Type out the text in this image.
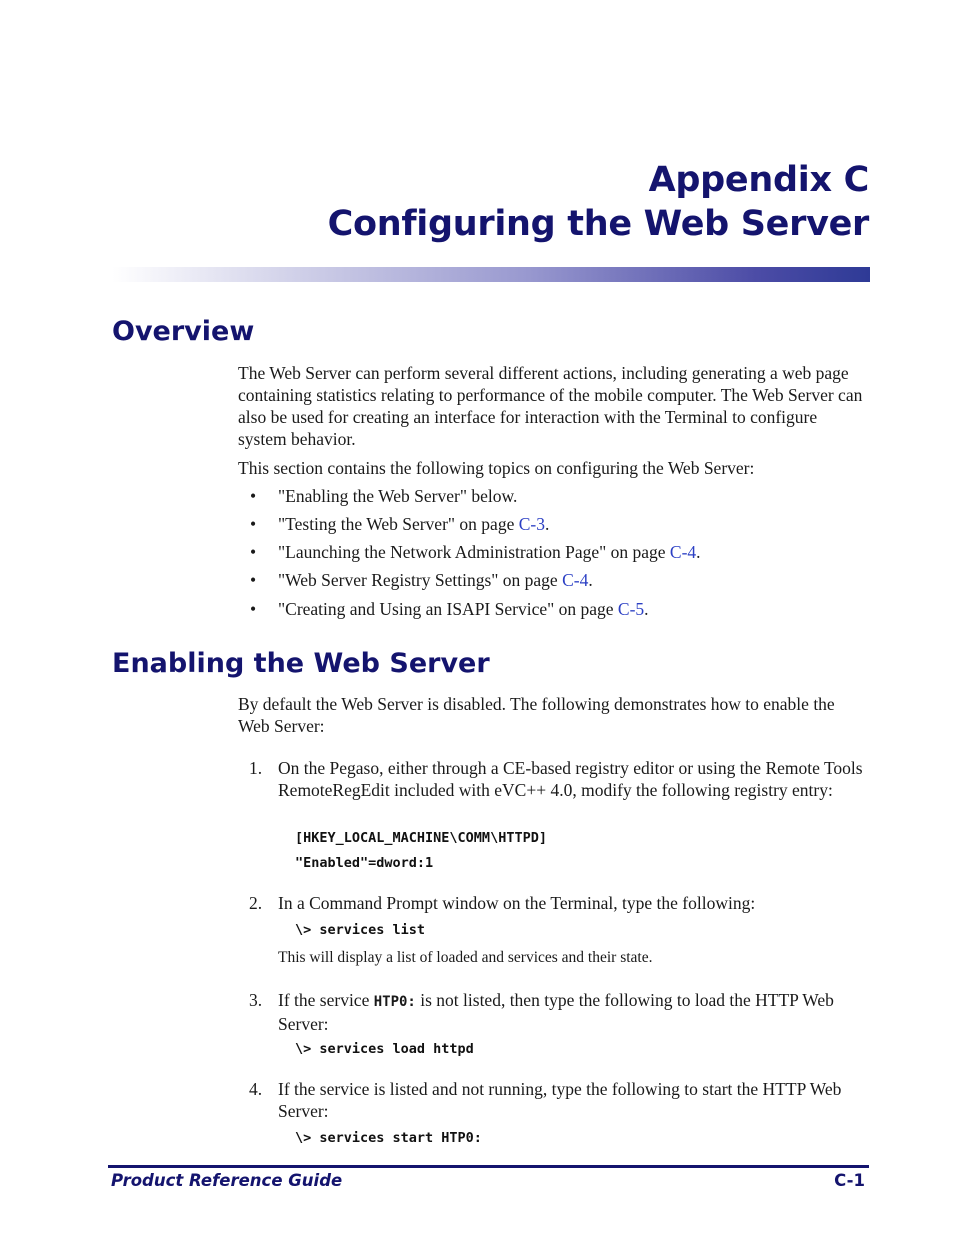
Appendix C
Configuring the Web Server
Overview

The Web Server can perform several different actions, including generating a web page containing statistics relating to performance of the mobile computer. The Web Server can also be used for creating an interface for interaction with the Terminal to configure system behavior.

This section contains the following topics on configuring the Web Server:

• "Enabling the Web Server" below.
• "Testing the Web Server" on page C-3.
• "Launching the Network Administration Page" on page C-4.
• "Web Server Registry Settings" on page C-4.
• "Creating and Using an ISAPI Service" on page C-5.
Enabling the Web Server

By default the Web Server is disabled. The following demonstrates how to enable the Web Server:

1. On the Pegaso, either through a CE-based registry editor or using the Remote Tools RemoteRegEdit included with eVC++ 4.0, modify the following registry entry:

[HKEY_LOCAL_MACHINE\COMM\HTTPD]
"Enabled"=dword:1
2. In a Command Prompt window on the Terminal, type the following:

\> services list

This will display a list of loaded and services and their state.

3. If the service HTP0: is not listed, then type the following to load the HTTP Web Server:

\> services load httpd
4. If the service is listed and not running, type the following to start the HTTP Web Server:

\> services start HTP0:

Product Reference Guide	C-1
